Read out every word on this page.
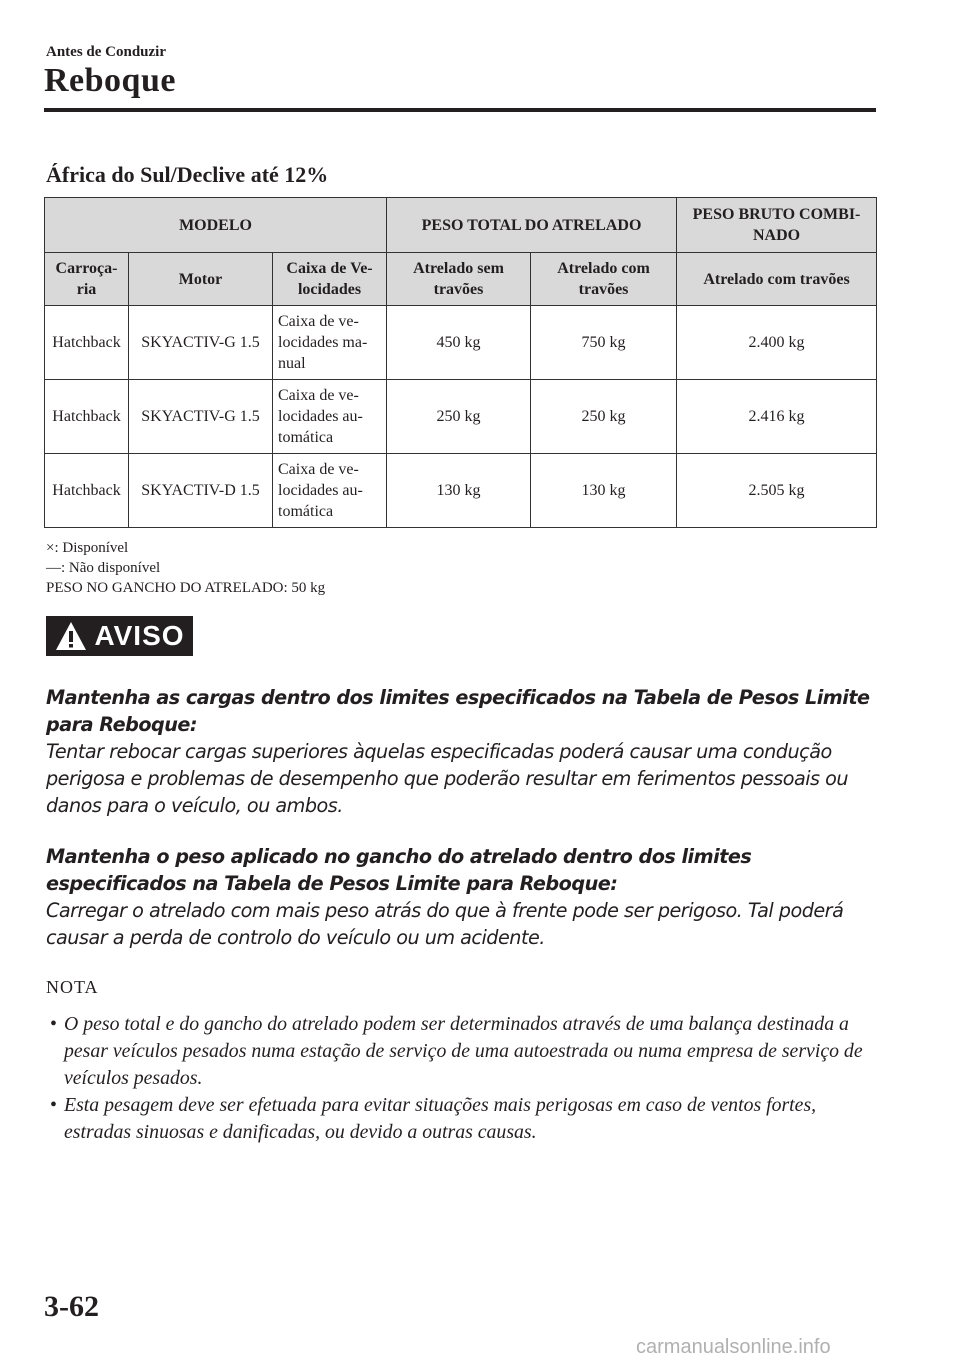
Antes de Conduzir
Reboque
África do Sul/Declive até 12%
MODELO			PESO TOTAL DO ATRELADO		PESO BRUTO COMBI-NADO
Carroça-ria	Motor	Caixa de Ve-locidades	Atrelado sem travões	Atrelado com travões	Atrelado com travões
Hatchback	SKYACTIV-G 1.5	Caixa de ve-locidades ma-nual	450 kg	750 kg	2.400 kg
Hatchback	SKYACTIV-G 1.5	Caixa de ve-locidades au-tomática	250 kg	250 kg	2.416 kg
Hatchback	SKYACTIV-D 1.5	Caixa de ve-locidades au-tomática	130 kg	130 kg	2.505 kg
×: Disponível
—: Não disponível
PESO NO GANCHO DO ATRELADO: 50 kg
AVISO
Mantenha as cargas dentro dos limites especificados na Tabela de Pesos Limite para Reboque:
Tentar rebocar cargas superiores àquelas especificadas poderá causar uma condução perigosa e problemas de desempenho que poderão resultar em ferimentos pessoais ou danos para o veículo, ou ambos.
Mantenha o peso aplicado no gancho do atrelado dentro dos limites especificados na Tabela de Pesos Limite para Reboque:
Carregar o atrelado com mais peso atrás do que à frente pode ser perigoso. Tal poderá causar a perda de controlo do veículo ou um acidente.
NOTA
• O peso total e do gancho do atrelado podem ser determinados através de uma balança destinada a pesar veículos pesados numa estação de serviço de uma autoestrada ou numa empresa de serviço de veículos pesados.
• Esta pesagem deve ser efetuada para evitar situações mais perigosas em caso de ventos fortes, estradas sinuosas e danificadas, ou devido a outras causas.
3-62
carmanualsonline.info
